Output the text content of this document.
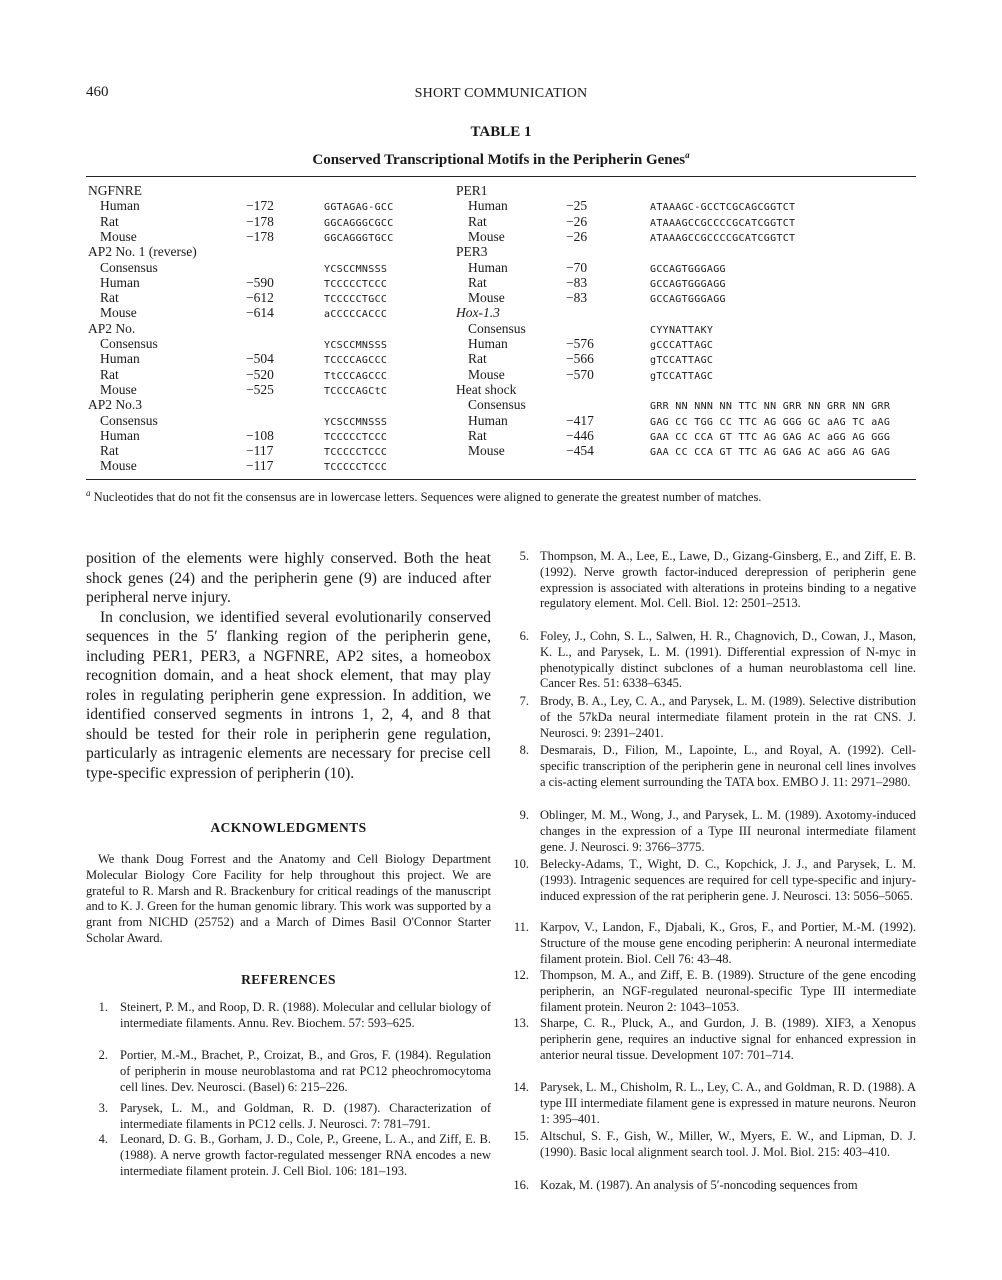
460	SHORT COMMUNICATION
TABLE 1
Conserved Transcriptional Motifs in the Peripherin Genes$^a$
NGFNRE
Human	−172	GGTAGAG-GCC
Rat	−178	GGCAGGGCGCC
Mouse	−178	GGCAGGGTGCC
AP2 No. 1 (reverse)
Consensus	YCSCCMNSSS
Human	−590	TCCCCCTCCC
Rat	−612	TCCCCCTGCC
Mouse	−614	aCCCCCACCC
AP2 No.
Consensus	YCSCCMNSSS
Human	−504	TCCCCAGCCC
Rat	−520	TtCCCAGCCC
Mouse	−525	TCCCCAGCtC
AP2 No.3
Consensus	YCSCCMNSSS
Human	−108	TCCCCCTCCC
Rat	−117	TCCCCCTCCC
Mouse	−117	TCCCCCTCCC
PER1
Human	−25	ATAAAGC-GCCTCGCAGCGGTCT
Rat	−26	ATAAAGCCGCCCCGCATCGGTCT
Mouse	−26	ATAAAGCCGCCCCGCATCGGTCT
PER3
Human	−70	GCCAGTGGGAGG
Rat	−83	GCCAGTGGGAGG
Mouse	−83	GCCAGTGGGAGG
Hox-1.3
Consensus	CYYNATTAKY
Human	−576	gCCCATTAGC
Rat	−566	gTCCATTAGC
Mouse	−570	gTCCATTAGC
Heat shock
Consensus	GRR NN NNN NN TTC NN GRR NN GRR NN GRR
Human	−417	GAG CC TGG CC TTC AG GGG GC aAG TC aAG
Rat	−446	GAA CC CCA GT TTC AG GAG AC aGG AG GGG
Mouse	−454	GAA CC CCA GT TTC AG GAG AC aGG AG GAG
$^a$ Nucleotides that do not fit the consensus are in lowercase letters. Sequences were aligned to generate the greatest number of matches.

position of the elements were highly conserved. Both the heat shock genes (24) and the peripherin gene (9) are induced after peripheral nerve injury.

In conclusion, we identified several evolutionarily conserved sequences in the 5′ flanking region of the peripherin gene, including PER1, PER3, a NGFNRE, AP2 sites, a homeobox recognition domain, and a heat shock element, that may play roles in regulating peripherin gene expression. In addition, we identified conserved segments in introns 1, 2, 4, and 8 that should be tested for their role in peripherin gene regulation, particularly as intragenic elements are necessary for precise cell type-specific expression of peripherin (10).

ACKNOWLEDGMENTS
We thank Doug Forrest and the Anatomy and Cell Biology Department Molecular Biology Core Facility for help throughout this project. We are grateful to R. Marsh and R. Brackenbury for critical readings of the manuscript and to K. J. Green for the human genomic library. This work was supported by a grant from NICHD (25752) and a March of Dimes Basil O'Connor Starter Scholar Award.
REFERENCES
1. Steinert, P. M., and Roop, D. R. (1988). Molecular and cellular biology of intermediate filaments. Annu. Rev. Biochem. 57: 593–625.
2. Portier, M.-M., Brachet, P., Croizat, B., and Gros, F. (1984). Regulation of peripherin in mouse neuroblastoma and rat PC12 pheochromocytoma cell lines. Dev. Neurosci. (Basel) 6: 215–226.
3. Parysek, L. M., and Goldman, R. D. (1987). Characterization of intermediate filaments in PC12 cells. J. Neurosci. 7: 781–791.
4. Leonard, D. G. B., Gorham, J. D., Cole, P., Greene, L. A., and Ziff, E. B. (1988). A nerve growth factor-regulated messenger RNA encodes a new intermediate filament protein. J. Cell Biol. 106: 181–193.
5. Thompson, M. A., Lee, E., Lawe, D., Gizang-Ginsberg, E., and Ziff, E. B. (1992). Nerve growth factor-induced derepression of peripherin gene expression is associated with alterations in proteins binding to a negative regulatory element. Mol. Cell. Biol. 12: 2501–2513.
6. Foley, J., Cohn, S. L., Salwen, H. R., Chagnovich, D., Cowan, J., Mason, K. L., and Parysek, L. M. (1991). Differential expression of N-myc in phenotypically distinct subclones of a human neuroblastoma cell line. Cancer Res. 51: 6338–6345.
7. Brody, B. A., Ley, C. A., and Parysek, L. M. (1989). Selective distribution of the 57kDa neural intermediate filament protein in the rat CNS. J. Neurosci. 9: 2391–2401.
8. Desmarais, D., Filion, M., Lapointe, L., and Royal, A. (1992). Cell-specific transcription of the peripherin gene in neuronal cell lines involves a cis-acting element surrounding the TATA box. EMBO J. 11: 2971–2980.
9. Oblinger, M. M., Wong, J., and Parysek, L. M. (1989). Axotomy-induced changes in the expression of a Type III neuronal intermediate filament gene. J. Neurosci. 9: 3766–3775.
10. Belecky-Adams, T., Wight, D. C., Kopchick, J. J., and Parysek, L. M. (1993). Intragenic sequences are required for cell type-specific and injury-induced expression of the rat peripherin gene. J. Neurosci. 13: 5056–5065.
11. Karpov, V., Landon, F., Djabali, K., Gros, F., and Portier, M.-M. (1992). Structure of the mouse gene encoding peripherin: A neuronal intermediate filament protein. Biol. Cell 76: 43–48.
12. Thompson, M. A., and Ziff, E. B. (1989). Structure of the gene encoding peripherin, an NGF-regulated neuronal-specific Type III intermediate filament protein. Neuron 2: 1043–1053.
13. Sharpe, C. R., Pluck, A., and Gurdon, J. B. (1989). XIF3, a Xenopus peripherin gene, requires an inductive signal for enhanced expression in anterior neural tissue. Development 107: 701–714.
14. Parysek, L. M., Chisholm, R. L., Ley, C. A., and Goldman, R. D. (1988). A type III intermediate filament gene is expressed in mature neurons. Neuron 1: 395–401.
15. Altschul, S. F., Gish, W., Miller, W., Myers, E. W., and Lipman, D. J. (1990). Basic local alignment search tool. J. Mol. Biol. 215: 403–410.
16. Kozak, M. (1987). An analysis of 5′-noncoding sequences from
